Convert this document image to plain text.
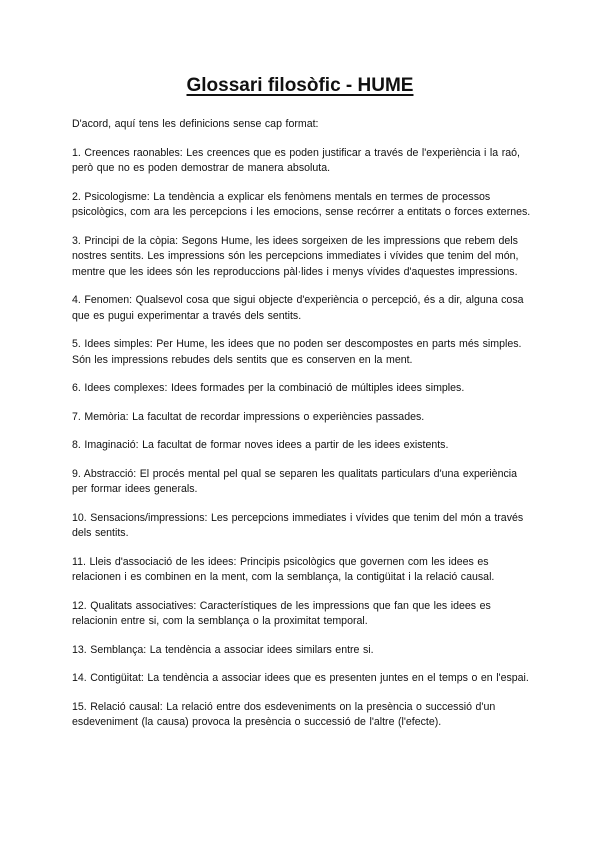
Glossari filosòfic - HUME

D'acord, aquí tens les definicions sense cap format:

1. Creences raonables: Les creences que es poden justificar a través de l'experiència i la raó, però que no es poden demostrar de manera absoluta.

2. Psicologisme: La tendència a explicar els fenòmens mentals en termes de processos psicològics, com ara les percepcions i les emocions, sense recórrer a entitats o forces externes.

3. Principi de la còpia: Segons Hume, les idees sorgeixen de les impressions que rebem dels nostres sentits. Les impressions són les percepcions immediates i vívides que tenim del món, mentre que les idees són les reproduccions pàl·lides i menys vívides d'aquestes impressions.

4. Fenomen: Qualsevol cosa que sigui objecte d'experiència o percepció, és a dir, alguna cosa que es pugui experimentar a través dels sentits.

5. Idees simples: Per Hume, les idees que no poden ser descompostes en parts més simples. Són les impressions rebudes dels sentits que es conserven en la ment.

6. Idees complexes: Idees formades per la combinació de múltiples idees simples.

7. Memòria: La facultat de recordar impressions o experiències passades.

8. Imaginació: La facultat de formar noves idees a partir de les idees existents.

9. Abstracció: El procés mental pel qual se separen les qualitats particulars d'una experiència per formar idees generals.

10. Sensacions/impressions: Les percepcions immediates i vívides que tenim del món a través dels sentits.

11. Lleis d'associació de les idees: Principis psicològics que governen com les idees es relacionen i es combinen en la ment, com la semblança, la contigüitat i la relació causal.

12. Qualitats associatives: Característiques de les impressions que fan que les idees es relacionin entre si, com la semblança o la proximitat temporal.

13. Semblança: La tendència a associar idees similars entre si.

14. Contigüitat: La tendència a associar idees que es presenten juntes en el temps o en l'espai.

15. Relació causal: La relació entre dos esdeveniments on la presència o successió d'un esdeveniment (la causa) provoca la presència o successió de l'altre (l'efecte).
